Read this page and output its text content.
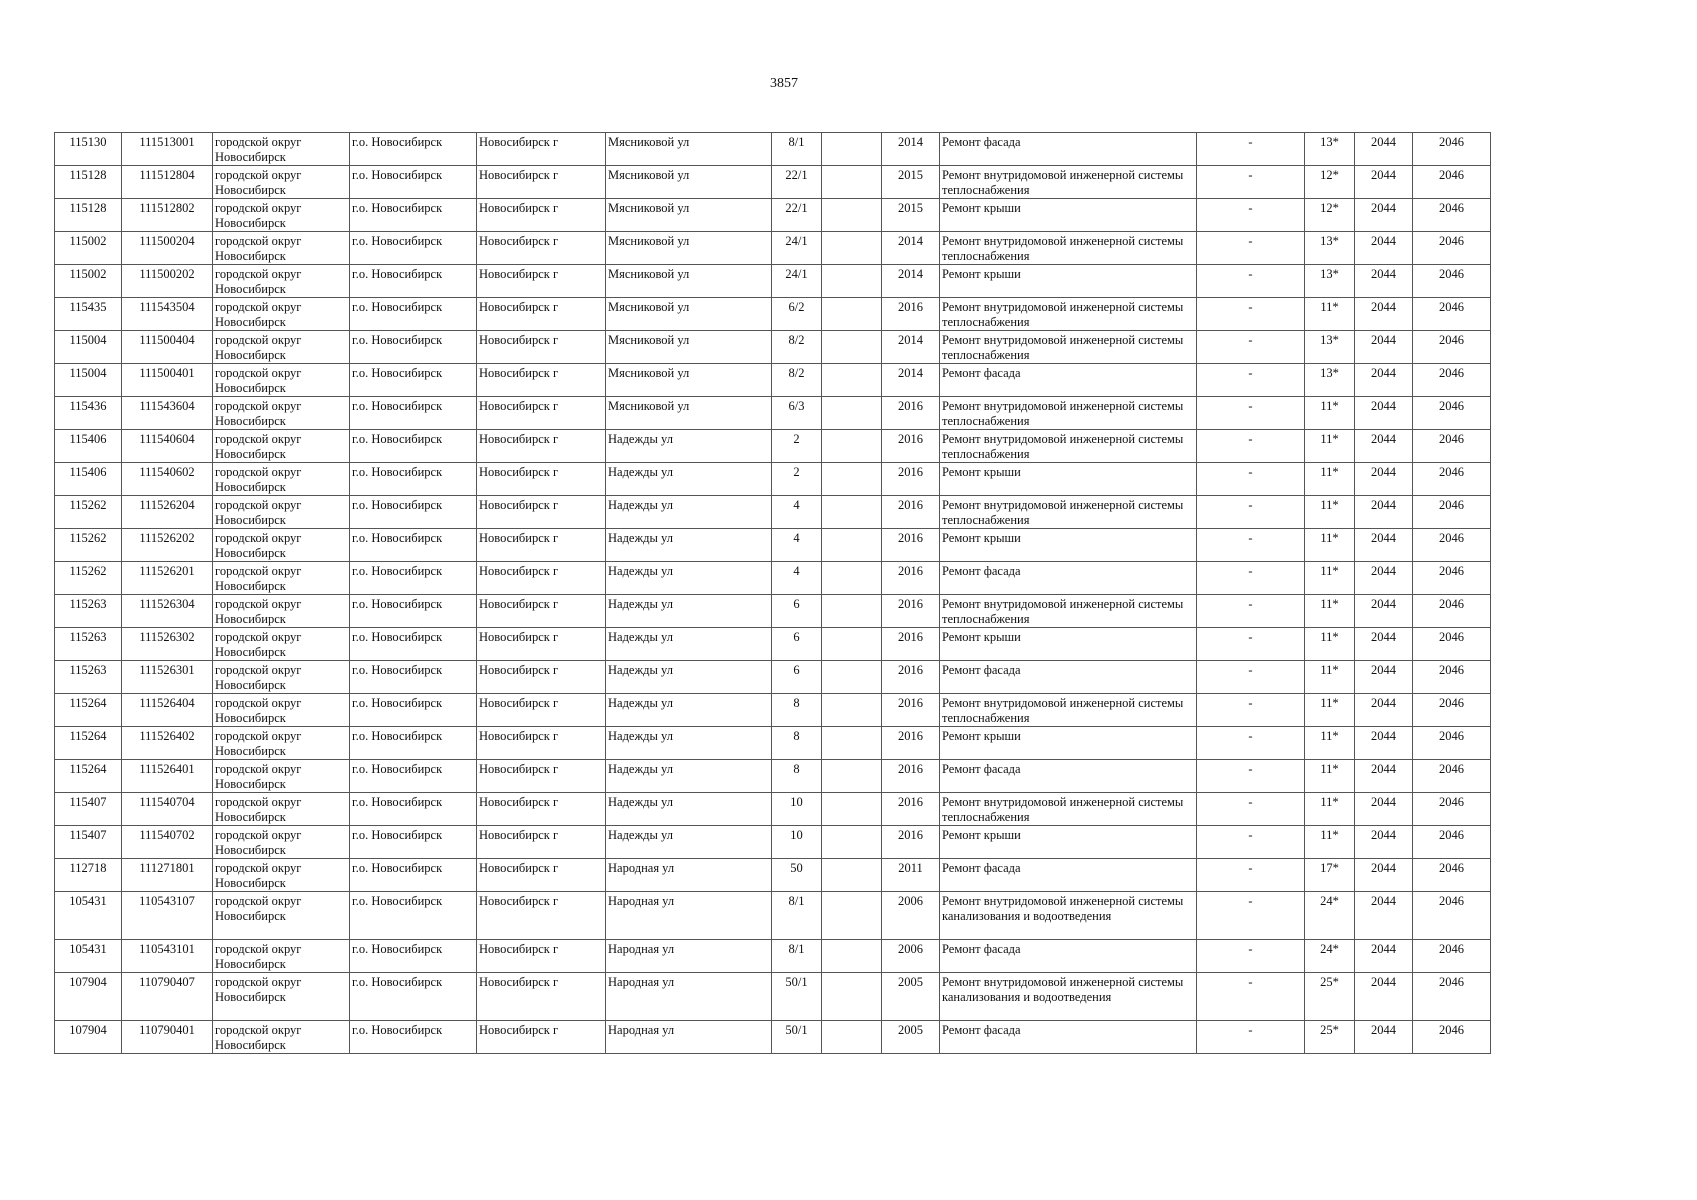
3857
115130	111513001	городской округ Новосибирск	г.о. Новосибирск	Новосибирск г	Мясниковой ул	8/1		2014	Ремонт фасада	-	13*	2044	2046
115128	111512804	городской округ Новосибирск	г.о. Новосибирск	Новосибирск г	Мясниковой ул	22/1		2015	Ремонт внутридомовой инженерной системы теплоснабжения	-	12*	2044	2046
115128	111512802	городской округ Новосибирск	г.о. Новосибирск	Новосибирск г	Мясниковой ул	22/1		2015	Ремонт крыши	-	12*	2044	2046
115002	111500204	городской округ Новосибирск	г.о. Новосибирск	Новосибирск г	Мясниковой ул	24/1		2014	Ремонт внутридомовой инженерной системы теплоснабжения	-	13*	2044	2046
115002	111500202	городской округ Новосибирск	г.о. Новосибирск	Новосибирск г	Мясниковой ул	24/1		2014	Ремонт крыши	-	13*	2044	2046
115435	111543504	городской округ Новосибирск	г.о. Новосибирск	Новосибирск г	Мясниковой ул	6/2		2016	Ремонт внутридомовой инженерной системы теплоснабжения	-	11*	2044	2046
115004	111500404	городской округ Новосибирск	г.о. Новосибирск	Новосибирск г	Мясниковой ул	8/2		2014	Ремонт внутридомовой инженерной системы теплоснабжения	-	13*	2044	2046
115004	111500401	городской округ Новосибирск	г.о. Новосибирск	Новосибирск г	Мясниковой ул	8/2		2014	Ремонт фасада	-	13*	2044	2046
115436	111543604	городской округ Новосибирск	г.о. Новосибирск	Новосибирск г	Мясниковой ул	6/3		2016	Ремонт внутридомовой инженерной системы теплоснабжения	-	11*	2044	2046
115406	111540604	городской округ Новосибирск	г.о. Новосибирск	Новосибирск г	Надежды ул	2		2016	Ремонт внутридомовой инженерной системы теплоснабжения	-	11*	2044	2046
115406	111540602	городской округ Новосибирск	г.о. Новосибирск	Новосибирск г	Надежды ул	2		2016	Ремонт крыши	-	11*	2044	2046
115262	111526204	городской округ Новосибирск	г.о. Новосибирск	Новосибирск г	Надежды ул	4		2016	Ремонт внутридомовой инженерной системы теплоснабжения	-	11*	2044	2046
115262	111526202	городской округ Новосибирск	г.о. Новосибирск	Новосибирск г	Надежды ул	4		2016	Ремонт крыши	-	11*	2044	2046
115262	111526201	городской округ Новосибирск	г.о. Новосибирск	Новосибирск г	Надежды ул	4		2016	Ремонт фасада	-	11*	2044	2046
115263	111526304	городской округ Новосибирск	г.о. Новосибирск	Новосибирск г	Надежды ул	6		2016	Ремонт внутридомовой инженерной системы теплоснабжения	-	11*	2044	2046
115263	111526302	городской округ Новосибирск	г.о. Новосибирск	Новосибирск г	Надежды ул	6		2016	Ремонт крыши	-	11*	2044	2046
115263	111526301	городской округ Новосибирск	г.о. Новосибирск	Новосибирск г	Надежды ул	6		2016	Ремонт фасада	-	11*	2044	2046
115264	111526404	городской округ Новосибирск	г.о. Новосибирск	Новосибирск г	Надежды ул	8		2016	Ремонт внутридомовой инженерной системы теплоснабжения	-	11*	2044	2046
115264	111526402	городской округ Новосибирск	г.о. Новосибирск	Новосибирск г	Надежды ул	8		2016	Ремонт крыши	-	11*	2044	2046
115264	111526401	городской округ Новосибирск	г.о. Новосибирск	Новосибирск г	Надежды ул	8		2016	Ремонт фасада	-	11*	2044	2046
115407	111540704	городской округ Новосибирск	г.о. Новосибирск	Новосибирск г	Надежды ул	10		2016	Ремонт внутридомовой инженерной системы теплоснабжения	-	11*	2044	2046
115407	111540702	городской округ Новосибирск	г.о. Новосибирск	Новосибирск г	Надежды ул	10		2016	Ремонт крыши	-	11*	2044	2046
112718	111271801	городской округ Новосибирск	г.о. Новосибирск	Новосибирск г	Народная ул	50		2011	Ремонт фасада	-	17*	2044	2046
105431	110543107	городской округ Новосибирск	г.о. Новосибирск	Новосибирск г	Народная ул	8/1		2006	Ремонт внутридомовой инженерной системы канализования и водоотведения	-	24*	2044	2046
105431	110543101	городской округ Новосибирск	г.о. Новосибирск	Новосибирск г	Народная ул	8/1		2006	Ремонт фасада	-	24*	2044	2046
107904	110790407	городской округ Новосибирск	г.о. Новосибирск	Новосибирск г	Народная ул	50/1		2005	Ремонт внутридомовой инженерной системы канализования и водоотведения	-	25*	2044	2046
107904	110790401	городской округ Новосибирск	г.о. Новосибирск	Новосибирск г	Народная ул	50/1		2005	Ремонт фасада	-	25*	2044	2046
